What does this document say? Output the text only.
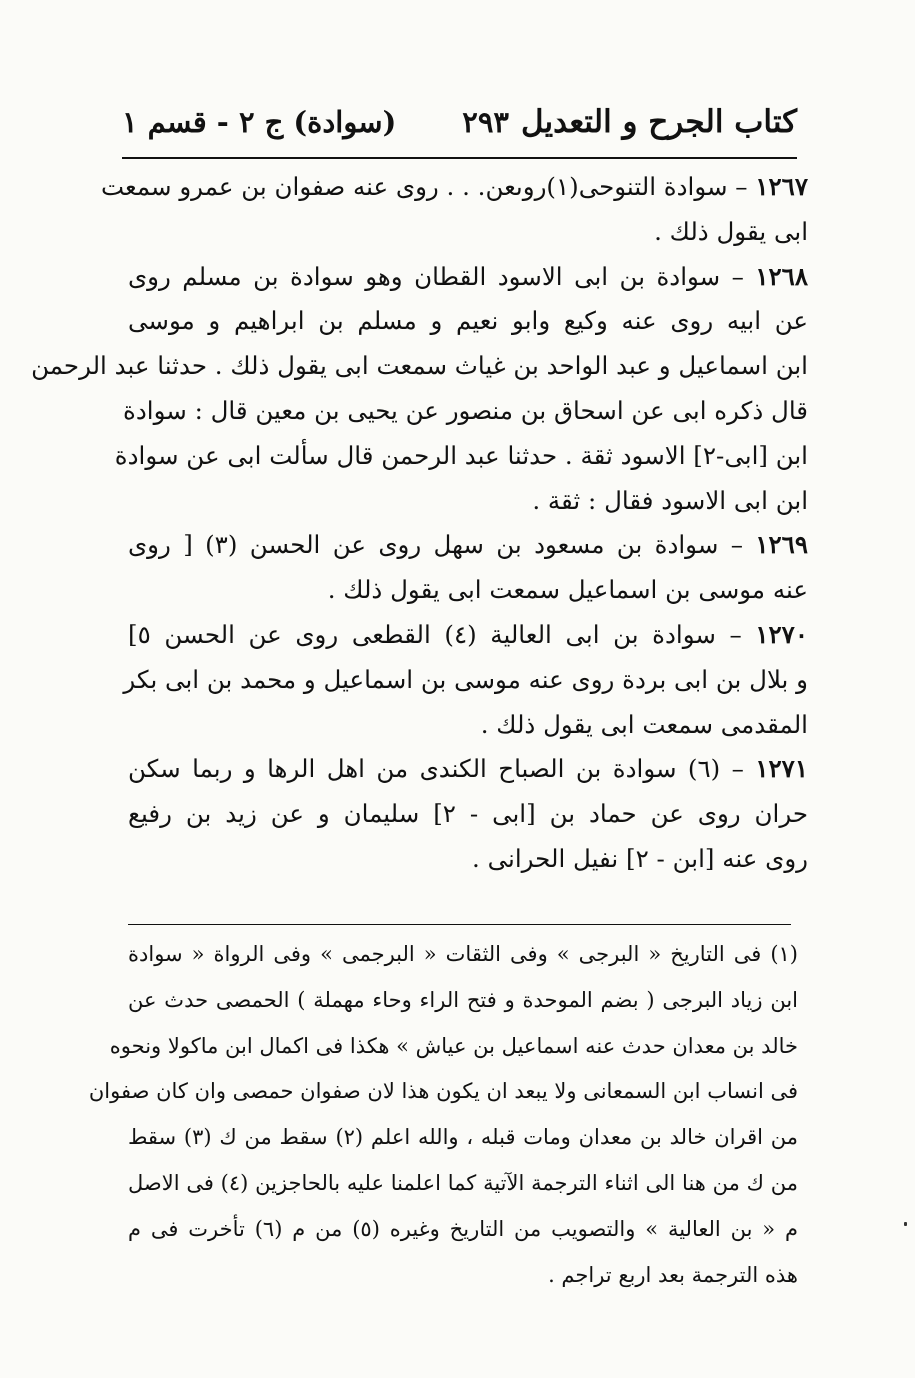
كتاب الجرح و التعديل
٢٩٣
(سوادة) ج ٢ - قسم ١
١٢٦٧ – سوادة التنوحى(١)روىعن. . . روى عنه صفوان بن عمرو سمعت
ابى يقول ذلك .
١٢٦٨ – سوادة بن ابى الاسود القطان وهو سوادة بن مسلم روى
عن ابيه روى عنه وكيع وابو نعيم و مسلم بن ابراهيم و موسى
ابن اسماعيل و عبد الواحد بن غياث سمعت ابى يقول ذلك . حدثنا عبد الرحمن
قال ذكره ابى عن اسحاق بن منصور عن يحيى بن معين قال : سوادة
ابن [ابى-٢] الاسود ثقة . حدثنا عبد الرحمن قال سألت ابى عن سوادة
ابن ابى الاسود فقال : ثقة .
١٢٦٩ – سوادة بن مسعود بن سهل روى عن الحسن (٣) [ روى
عنه موسى بن اسماعيل سمعت ابى يقول ذلك .
١٢٧٠ – سوادة بن ابى العالية (٤) القطعى روى عن الحسن ٥]
و بلال بن ابى بردة روى عنه موسى بن اسماعيل و محمد بن ابى بكر
المقدمى سمعت ابى يقول ذلك .
١٢٧١ – (٦) سوادة بن الصباح الكندى من اهل الرها و ربما سكن
حران روى عن حماد بن [ابى - ٢] سليمان و عن زيد بن رفيع
روى عنه [ابن - ٢] نفيل الحرانى .
(١) فى التاريخ « البرجى » وفى الثقات « البرجمى » وفى الرواة « سوادة
ابن زياد البرجى ( بضم الموحدة و فتح الراء وحاء مهملة ) الحمصى حدث عن
خالد بن معدان حدث عنه اسماعيل بن عياش » هكذا فى اكمال ابن ماكولا ونحوه
فى انساب ابن السمعانى ولا يبعد ان يكون هذا لان صفوان حمصى وان كان صفوان
من اقران خالد بن معدان ومات قبله ، والله اعلم (٢) سقط من ك (٣) سقط
من ك من هنا الى اثناء الترجمة الآتية كما اعلمنا عليه بالحاجزين (٤) فى الاصل
م « بن العالية » والتصويب من التاريخ وغيره (٥) من م (٦) تأخرت فى م
هذه الترجمة بعد اربع تراجم .
